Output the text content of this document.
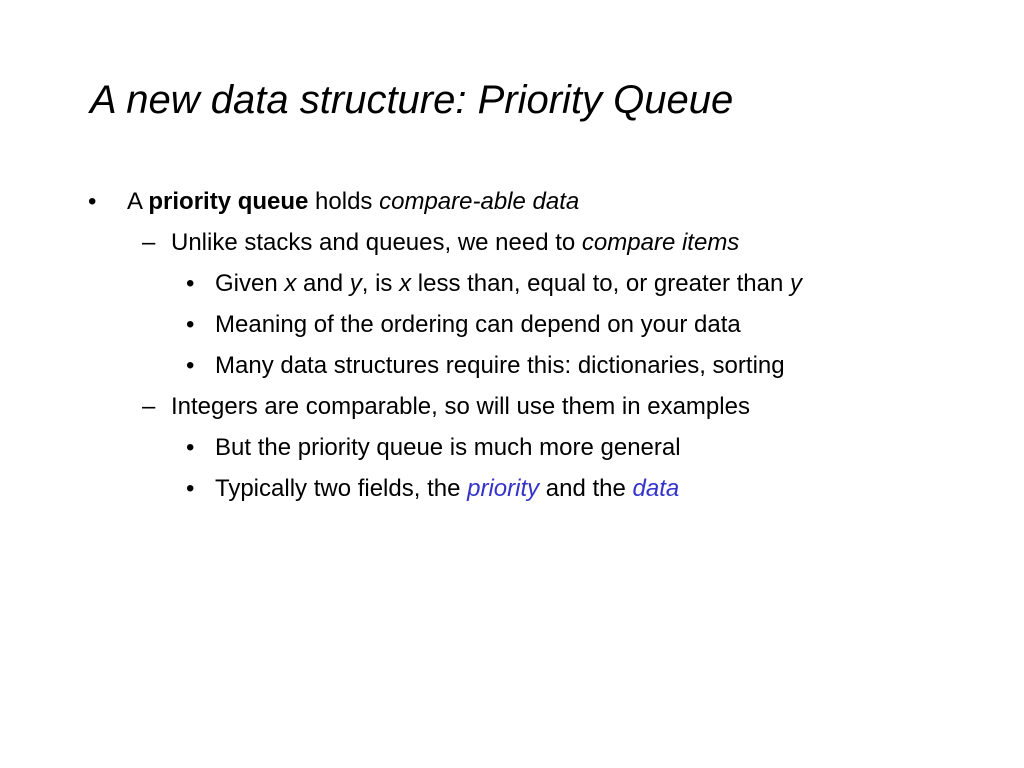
A new data structure: Priority Queue
• A priority queue holds compare-able data
– Unlike stacks and queues, we need to compare items
• Given x and y, is x less than, equal to, or greater than y
• Meaning of the ordering can depend on your data
• Many data structures require this: dictionaries, sorting
– Integers are comparable, so will use them in examples
• But the priority queue is much more general
• Typically two fields, the priority and the data
